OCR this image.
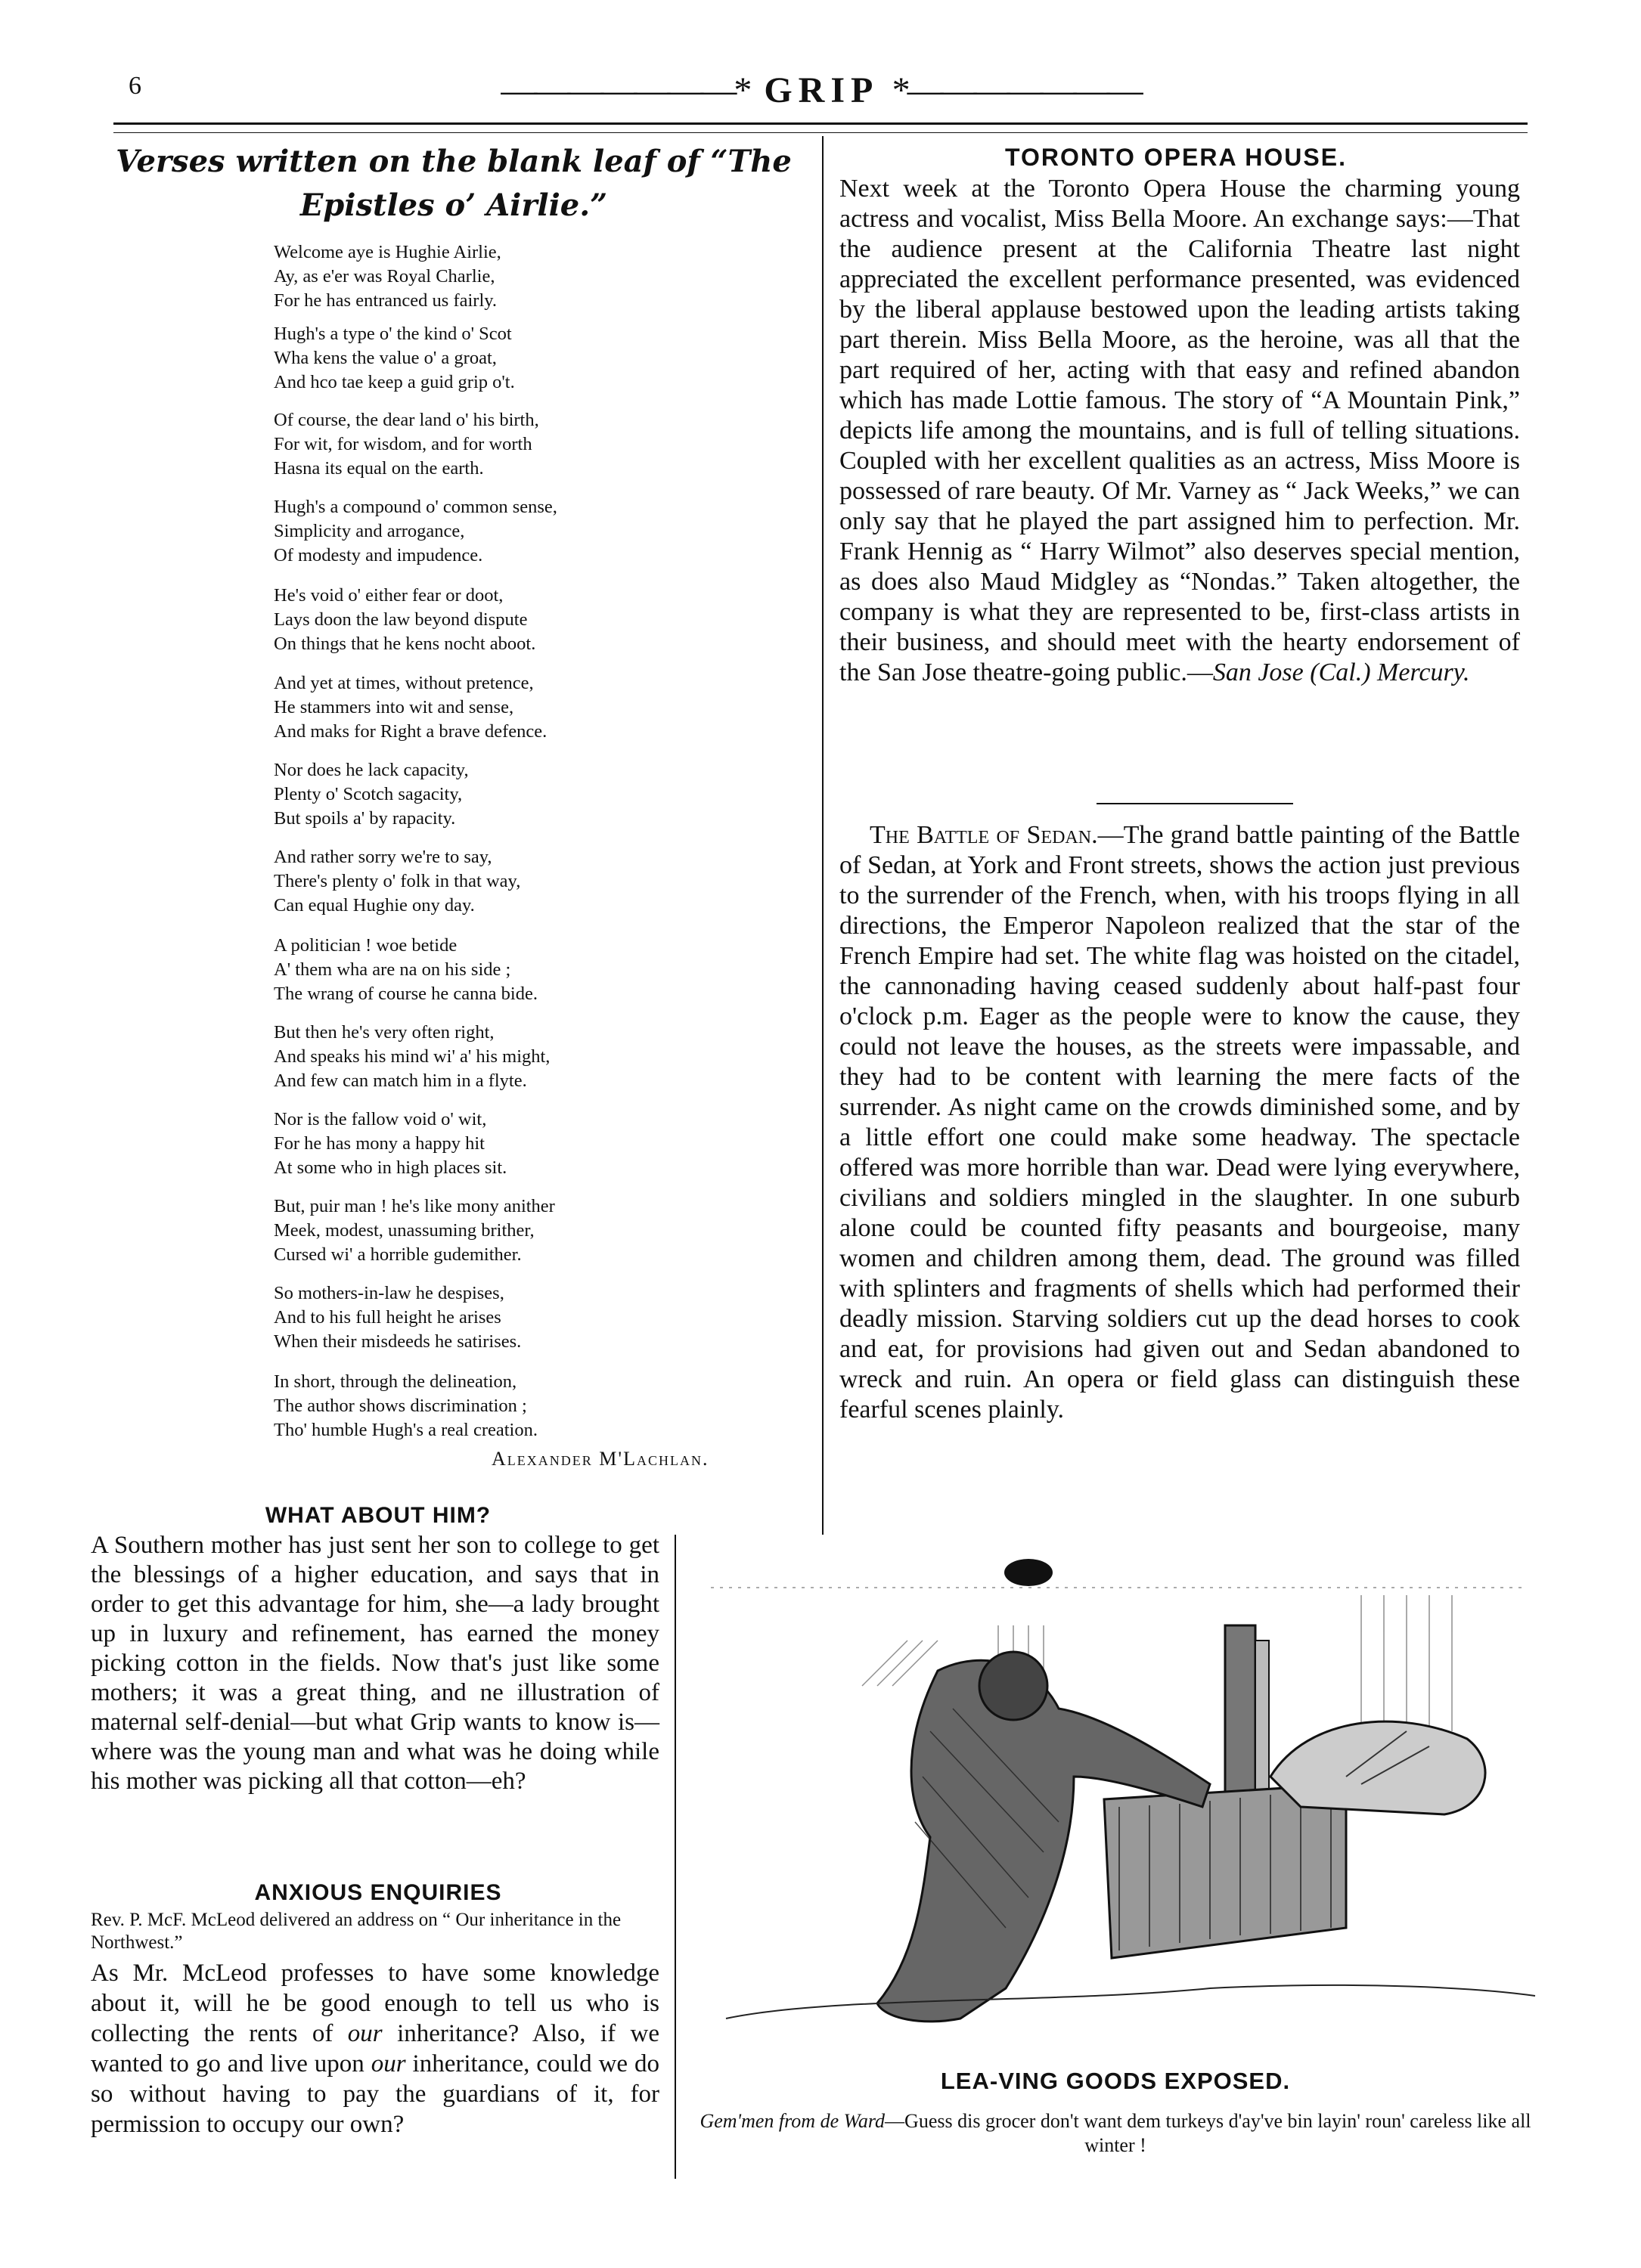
6	———————* GRIP *———————
Verses written on the blank leaf of “The
Epistles o’ Airlie.”
Welcome aye is Hughie Airlie,
Ay, as e'er was Royal Charlie,
For he has entranced us fairly.
Hugh's a type o' the kind o' Scot
Wha kens the value o' a groat,
And hco tae keep a guid grip o't.
Of course, the dear land o' his birth,
For wit, for wisdom, and for worth
Hasna its equal on the earth.
Hugh's a compound o' common sense,
Simplicity and arrogance,
Of modesty and impudence.
He's void o' either fear or doot,
Lays doon the law beyond dispute
On things that he kens nocht aboot.
And yet at times, without pretence,
He stammers into wit and sense,
And maks for Right a brave defence.
Nor does he lack capacity,
Plenty o' Scotch sagacity,
But spoils a' by rapacity.
And rather sorry we're to say,
There's plenty o' folk in that way,
Can equal Hughie ony day.
A politician ! woe betide
A' them wha are na on his side ;
The wrang of course he canna bide.
But then he's very often right,
And speaks his mind wi' a' his might,
And few can match him in a flyte.
Nor is the fallow void o' wit,
For he has mony a happy hit
At some who in high places sit.
But, puir man ! he's like mony anither
Meek, modest, unassuming brither,
Cursed wi' a horrible gudemither.
So mothers-in-law he despises,
And to his full height he arises
When their misdeeds he satirises.
In short, through the delineation,
The author shows discrimination ;
Tho' humble Hugh's a real creation.
Alexander M'Lachlan.
WHAT ABOUT HIM?
A Southern mother has just sent her son to college to get the blessings of a higher education, and says that in order to get this advantage for him, she—a lady brought up in luxury and refinement, has earned the money picking cotton in the fields. Now that's just like some mothers; it was a great thing, and ne illustration of maternal self-denial—but what Grip wants to know is—where was the young man and what was he doing while his mother was picking all that cotton—eh?
ANXIOUS ENQUIRIES
Rev. P. McF. McLeod delivered an address on “ Our inheritance in the Northwest.”
As Mr. McLeod professes to have some knowledge about it, will he be good enough to tell us who is collecting the rents of our inheritance? Also, if we wanted to go and live upon our inheritance, could we do so without having to pay the guardians of it, for permission to occupy our own?
TORONTO OPERA HOUSE.
Next week at the Toronto Opera House the charming young actress and vocalist, Miss Bella Moore. An exchange says:—That the audience present at the California Theatre last night appreciated the excellent performance presented, was evidenced by the liberal applause bestowed upon the leading artists taking part therein. Miss Bella Moore, as the heroine, was all that the part required of her, acting with that easy and refined abandon which has made Lottie famous. The story of “A Mountain Pink,” depicts life among the mountains, and is full of telling situations. Coupled with her excellent qualities as an actress, Miss Moore is possessed of rare beauty. Of Mr. Varney as “ Jack Weeks,” we can only say that he played the part assigned him to perfection. Mr. Frank Hennig as “ Harry Wilmot” also deserves special mention, as does also Maud Midgley as “Nondas.” Taken altogether, the company is what they are represented to be, first-class artists in their business, and should meet with the hearty endorsement of the San Jose theatre-going public.—San Jose (Cal.) Mercury.
The Battle of Sedan.—The grand battle painting of the Battle of Sedan, at York and Front streets, shows the action just previous to the surrender of the French, when, with his troops flying in all directions, the Emperor Napoleon realized that the star of the French Empire had set. The white flag was hoisted on the citadel, the cannonading having ceased suddenly about half-past four o'clock p.m. Eager as the people were to know the cause, they could not leave the houses, as the streets were impassable, and they had to be content with learning the mere facts of the surrender. As night came on the crowds diminished some, and by a little effort one could make some headway. The spectacle offered was more horrible than war. Dead were lying everywhere, civilians and soldiers mingled in the slaughter. In one suburb alone could be counted fifty peasants and bourgeoise, many women and children among them, dead. The ground was filled with splinters and fragments of shells which had performed their deadly mission. Starving soldiers cut up the dead horses to cook and eat, for provisions had given out and Sedan abandoned to wreck and ruin. An opera or field glass can distinguish these fearful scenes plainly.
LEA-VING GOODS EXPOSED.
Gem'men from de Ward—Guess dis grocer don't want dem turkeys d'ay've bin layin' roun' careless like all winter !
